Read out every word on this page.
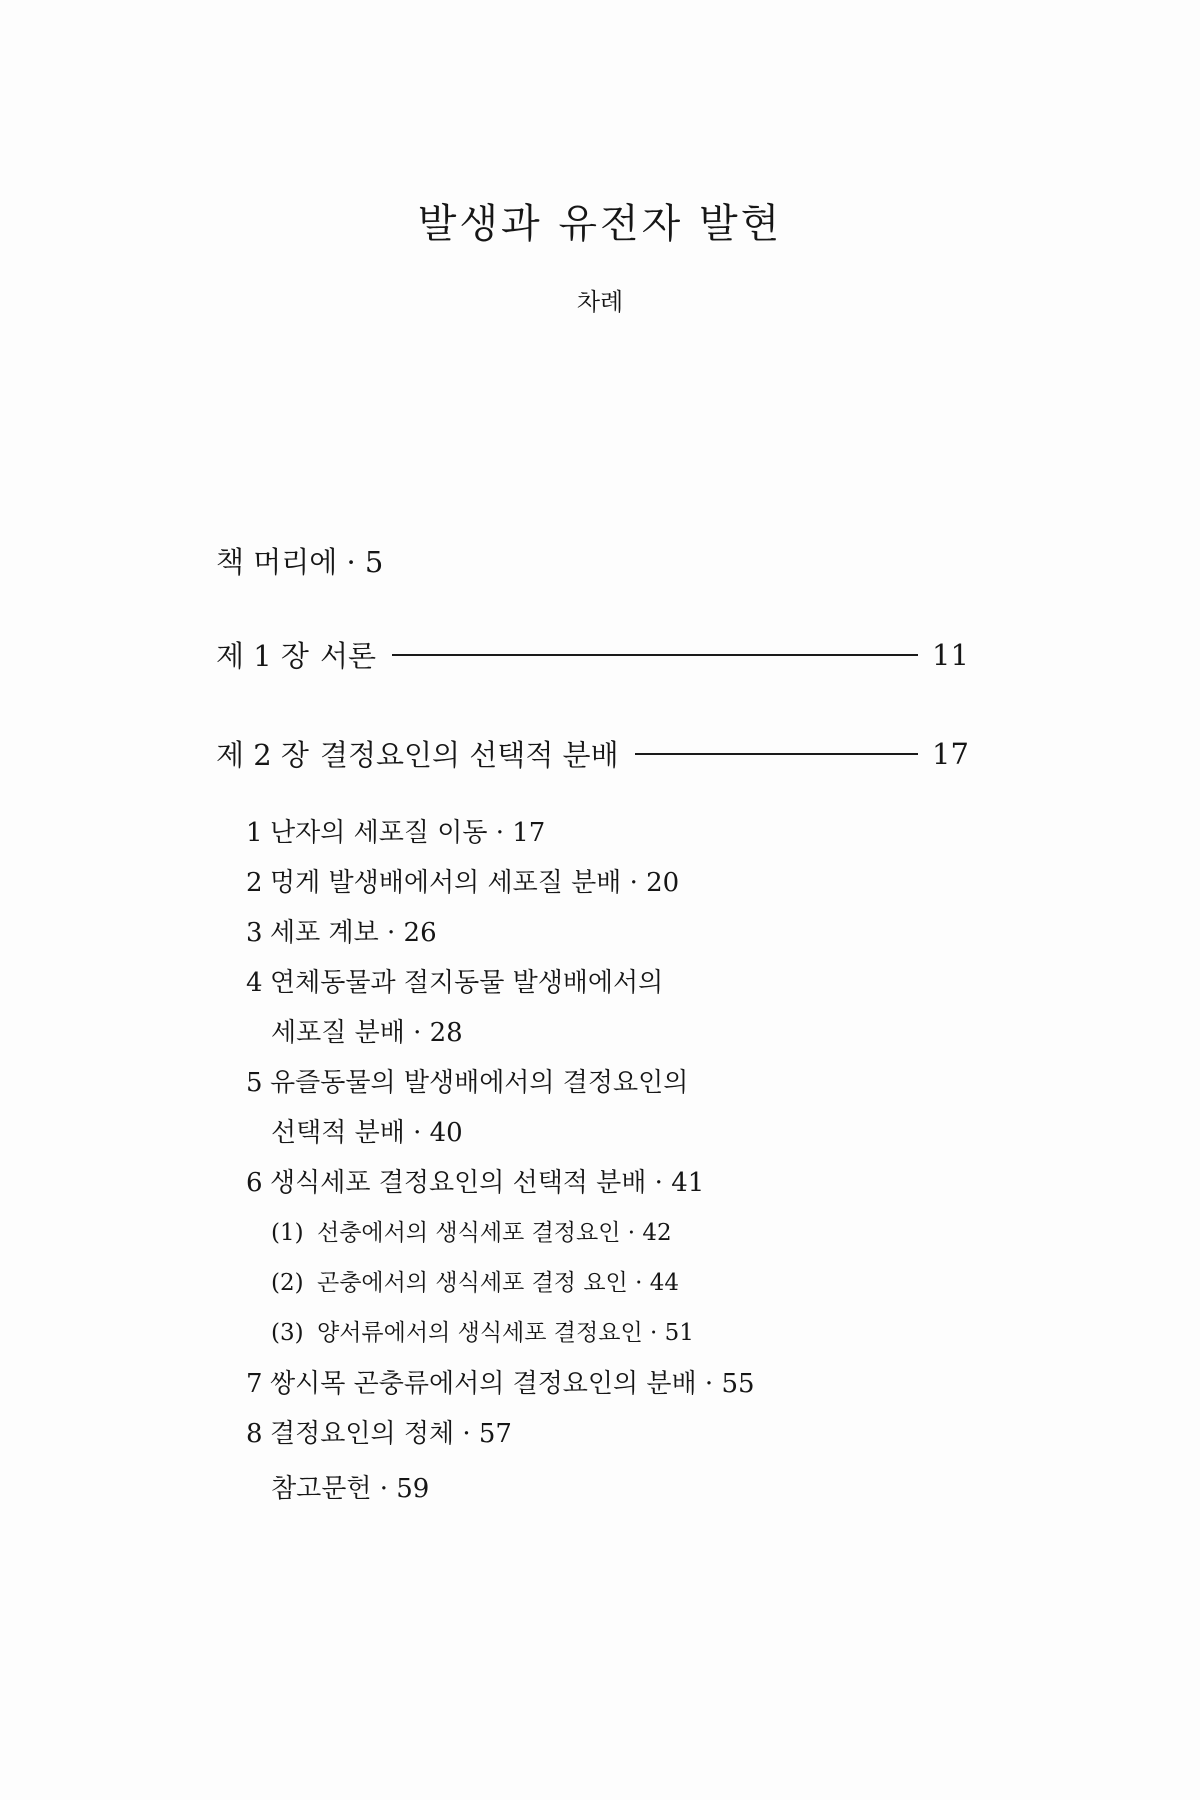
발생과 유전자 발현
차례
책 머리에 · 5
제 1 장 서론	11
제 2 장 결정요인의 선택적 분배	17
1 난자의 세포질 이동 · 17
2 멍게 발생배에서의 세포질 분배 · 20
3 세포 계보 · 26
4 연체동물과 절지동물 발생배에서의
세포질 분배 · 28
5 유즐동물의 발생배에서의 결정요인의
선택적 분배 · 40
6 생식세포 결정요인의 선택적 분배 · 41
(1) 선충에서의 생식세포 결정요인 · 42
(2) 곤충에서의 생식세포 결정 요인 · 44
(3) 양서류에서의 생식세포 결정요인 · 51
7 쌍시목 곤충류에서의 결정요인의 분배 · 55
8 결정요인의 정체 · 57
참고문헌 · 59
